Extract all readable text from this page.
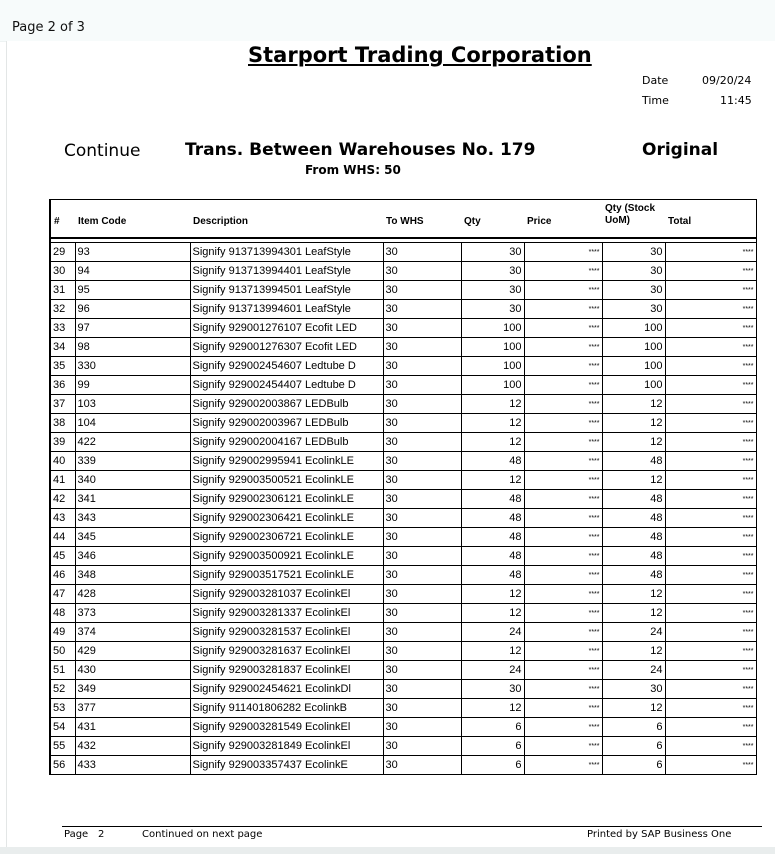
Page 2 of 3
Starport Trading Corporation
Date	09/20/24
Time	11:45
Continue	Trans. Between Warehouses No. 179	Original
From WHS: 50
#	Item Code	Description	To WHS	Qty	Price	Qty (Stock UoM)	Total

29	93	Signify 913713994301 LeafStyle	30	30	****	30	****
30	94	Signify 913713994401 LeafStyle	30	30	****	30	****
31	95	Signify 913713994501 LeafStyle	30	30	****	30	****
32	96	Signify 913713994601 LeafStyle	30	30	****	30	****
33	97	Signify 929001276107 Ecofit LED	30	100	****	100	****
34	98	Signify 929001276307 Ecofit LED	30	100	****	100	****
35	330	Signify 929002454607 Ledtube D	30	100	****	100	****
36	99	Signify 929002454407 Ledtube D	30	100	****	100	****
37	103	Signify 929002003867 LEDBulb	30	12	****	12	****
38	104	Signify 929002003967 LEDBulb	30	12	****	12	****
39	422	Signify 929002004167 LEDBulb	30	12	****	12	****
40	339	Signify 929002995941 EcolinkLE	30	48	****	48	****
41	340	Signify 929003500521 EcolinkLE	30	12	****	12	****
42	341	Signify 929002306121 EcolinkLE	30	48	****	48	****
43	343	Signify 929002306421 EcolinkLE	30	48	****	48	****
44	345	Signify 929002306721 EcolinkLE	30	48	****	48	****
45	346	Signify 929003500921 EcolinkLE	30	48	****	48	****
46	348	Signify 929003517521 EcolinkLE	30	48	****	48	****
47	428	Signify 929003281037 EcolinkEl	30	12	****	12	****
48	373	Signify 929003281337 EcolinkEl	30	12	****	12	****
49	374	Signify 929003281537 EcolinkEl	30	24	****	24	****
50	429	Signify 929003281637 EcolinkEl	30	12	****	12	****
51	430	Signify 929003281837 EcolinkEl	30	24	****	24	****
52	349	Signify 929002454621 EcolinkDl	30	30	****	30	****
53	377	Signify 911401806282 EcolinkB	30	12	****	12	****
54	431	Signify 929003281549 EcolinkEl	30	6	****	6	****
55	432	Signify 929003281849 EcolinkEl	30	6	****	6	****
56	433	Signify 929003357437 EcolinkE	30	6	****	6	****
Page 2	Continued on next page	Printed by SAP Business One
